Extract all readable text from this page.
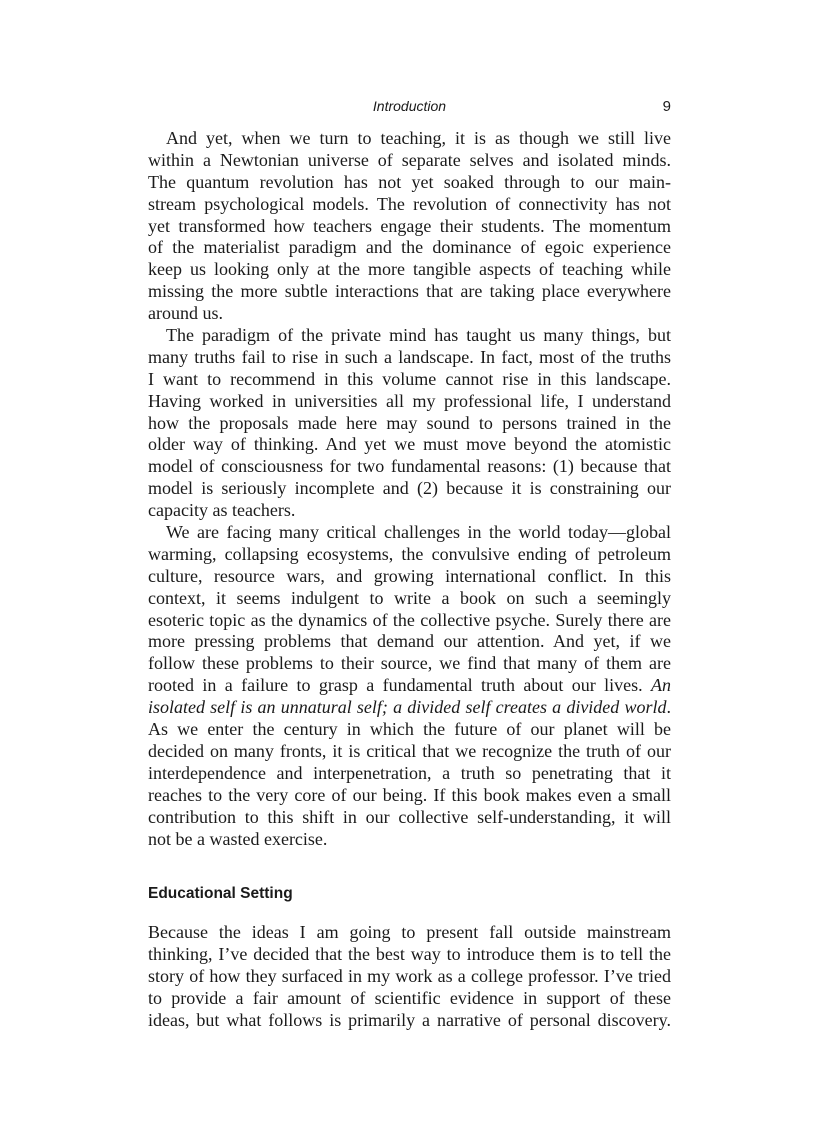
Introduction	9
And yet, when we turn to teaching, it is as though we still live
within a Newtonian universe of separate selves and isolated minds.
The quantum revolution has not yet soaked through to our main-
stream psychological models. The revolution of connectivity has not
yet transformed how teachers engage their students. The momentum
of the materialist paradigm and the dominance of egoic experience
keep us looking only at the more tangible aspects of teaching while
missing the more subtle interactions that are taking place everywhere
around us.
The paradigm of the private mind has taught us many things, but
many truths fail to rise in such a landscape. In fact, most of the truths
I want to recommend in this volume cannot rise in this landscape.
Having worked in universities all my professional life, I understand
how the proposals made here may sound to persons trained in the
older way of thinking. And yet we must move beyond the atomistic
model of consciousness for two fundamental reasons: (1) because that
model is seriously incomplete and (2) because it is constraining our
capacity as teachers.
We are facing many critical challenges in the world today—global
warming, collapsing ecosystems, the convulsive ending of petroleum
culture, resource wars, and growing international conflict. In this
context, it seems indulgent to write a book on such a seemingly
esoteric topic as the dynamics of the collective psyche. Surely there are
more pressing problems that demand our attention. And yet, if we
follow these problems to their source, we find that many of them are
rooted in a failure to grasp a fundamental truth about our lives. An
isolated self is an unnatural self; a divided self creates a divided world.
As we enter the century in which the future of our planet will be
decided on many fronts, it is critical that we recognize the truth of our
interdependence and interpenetration, a truth so penetrating that it
reaches to the very core of our being. If this book makes even a small
contribution to this shift in our collective self-understanding, it will
not be a wasted exercise.
Educational Setting
Because the ideas I am going to present fall outside mainstream
thinking, I’ve decided that the best way to introduce them is to tell the
story of how they surfaced in my work as a college professor. I’ve tried
to provide a fair amount of scientific evidence in support of these
ideas, but what follows is primarily a narrative of personal discovery.
